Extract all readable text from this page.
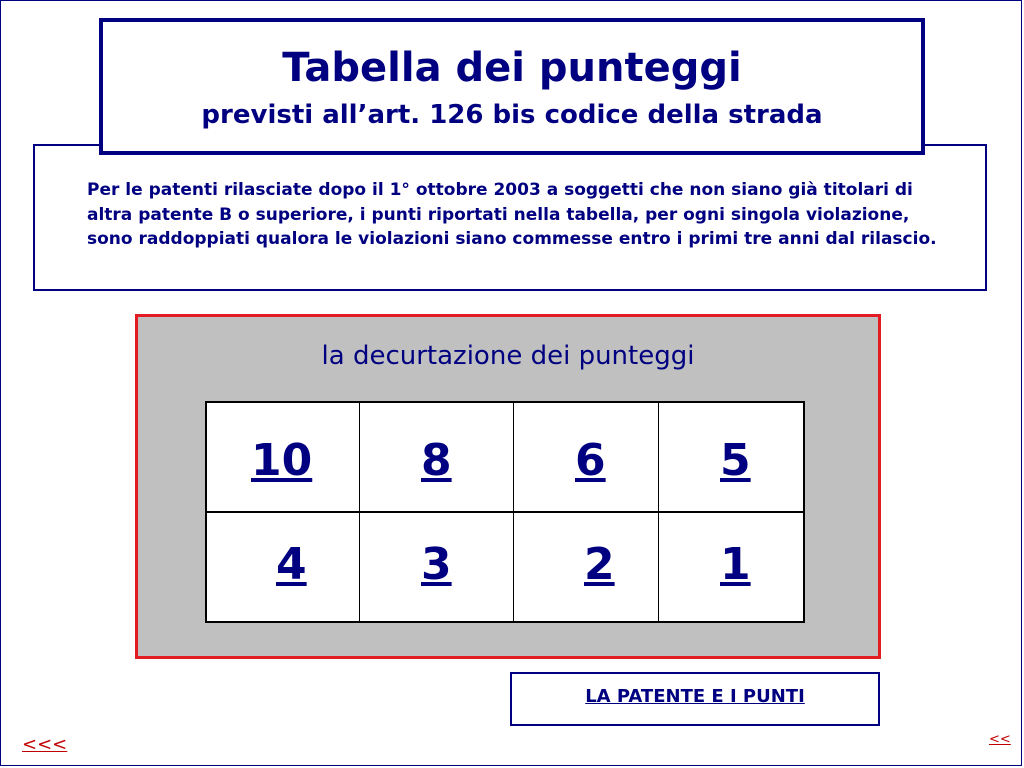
Per le patenti rilasciate dopo il 1° ottobre 2003 a soggetti che non siano già titolari di altra patente B o superiore, i punti riportati nella tabella, per ogni singola violazione, sono raddoppiati qualora le violazioni siano commesse entro i primi tre anni dal rilascio.
Tabella dei punteggi
previsti all’art. 126 bis codice della strada
la decurtazione dei punteggi
10 8	6	5
4	3	2 1
LA PATENTE E I PUNTI
<<<	<<
